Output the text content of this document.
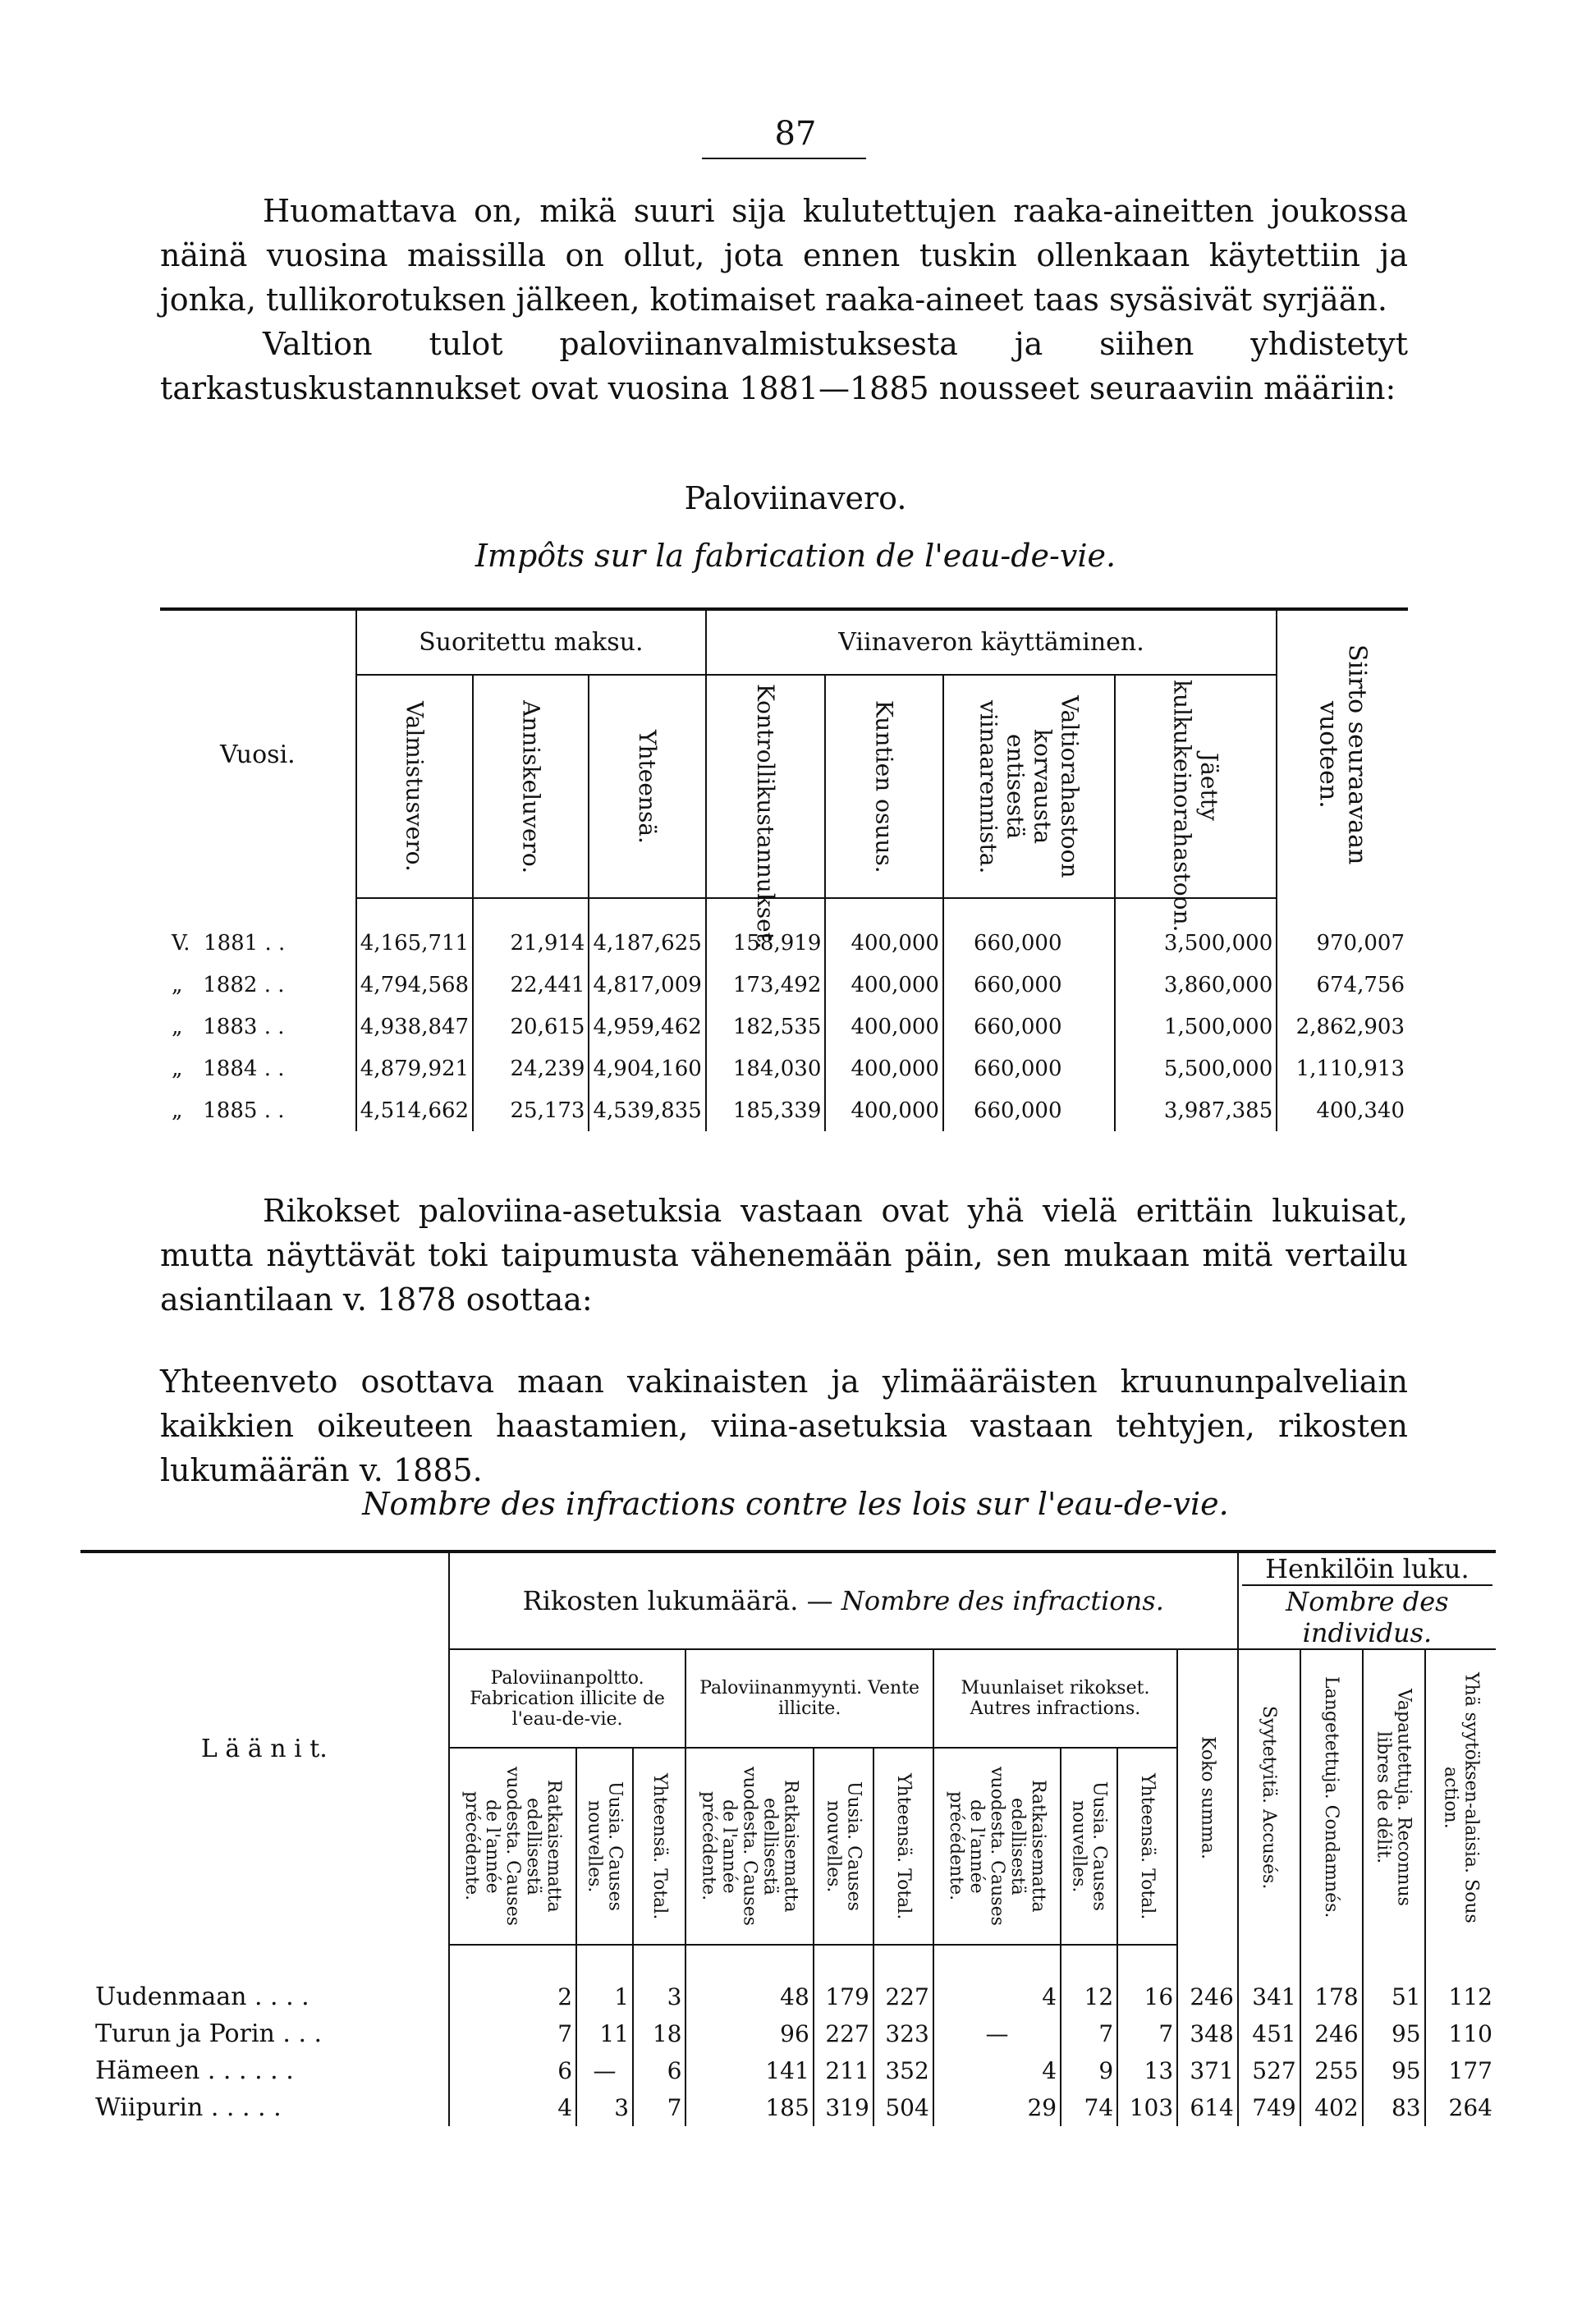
87

Huomattava on, mikä suuri sija kulutettujen raaka-aineitten joukossa näinä vuosina maissilla on ollut, jota ennen tuskin ollenkaan käytettiin ja jonka, tullikorotuksen jälkeen, kotimaiset raaka-aineet taas sysäsivät syrjään.

Valtion tulot paloviinanvalmistuksesta ja siihen yhdistetyt tarkastuskustannukset ovat vuosina 1881—1885 nousseet seuraaviin määriin:

Paloviinavero.
Impôts sur la fabrication de l'eau-de-vie.
Vuosi.	Suoritettu maksu.			Viinaveron käyttäminen.				Siirto seuraavaan vuoteen.

	Valmistusvero.	Anniskeluvero.	Yhteensä.	Kontrollikustannukset.	Kuntien osuus.	Valtiorahastoon korvausta entisestä viinaarennista.	Jäetty kulkukeinorahastoon.	

V.  1881 . .	4,165,711	21,914	4,187,625	158,919	400,000	660,000	3,500,000	970,007
„   1882 . .	4,794,568	22,441	4,817,009	173,492	400,000	660,000	3,860,000	674,756
„   1883 . .	4,938,847	20,615	4,959,462	182,535	400,000	660,000	1,500,000	2,862,903
„   1884 . .	4,879,921	24,239	4,904,160	184,030	400,000	660,000	5,500,000	1,110,913
„   1885 . .	4,514,662	25,173	4,539,835	185,339	400,000	660,000	3,987,385	400,340

Rikokset paloviina-asetuksia vastaan ovat yhä vielä erittäin lukuisat, mutta näyttävät toki taipumusta vähenemään päin, sen mukaan mitä vertailu asiantilaan v. 1878 osottaa:

Yhteenveto osottava maan vakinaisten ja ylimääräisten kruununpalveliain kaikkien oikeuteen haastamien, viina-asetuksia vastaan tehtyjen, rikosten lukumäärän v. 1885.

Nombre des infractions contre les lois sur l'eau-de-vie.
L ä ä n i t.	Rikosten lukumäärä. — Nombre des infractions.										Henkilöin luku.
Nombre des individus.			

	Paloviinanpoltto. Fabrication illicite de l'eau-de-vie.			Paloviinanmyynti. Vente illicite.			Muunlaiset rikokset. Autres infractions.			Koko summa.	Syytetyitä. Accusés.	Langetettuja. Condamnés.	Vapautettuja. Reconnus libres de délit.	Yhä syytöksen-alaisia. Sous action.

	Ratkaisematta edellisestä vuodesta. Causes de l'année précédente.	Uusia. Causes nouvelles.	Yhteensä. Total.	Ratkaisematta edellisestä vuodesta. Causes de l'année précédente.	Uusia. Causes nouvelles.	Yhteensä. Total.	Ratkaisematta edellisestä vuodesta. Causes de l'année précédente.	Uusia. Causes nouvelles.	Yhteensä. Total.					

Uudenmaan . . . .	2	1	3	48	179	227	4	12	16	246	341	178	51	112
Turun ja Porin . . .	7	11	18	96	227	323	—	7	7	348	451	246	95	110
Hämeen . . . . . .	6	—	6	141	211	352	4	9	13	371	527	255	95	177
Wiipurin . . . . .	4	3	7	185	319	504	29	74	103	614	749	402	83	264
